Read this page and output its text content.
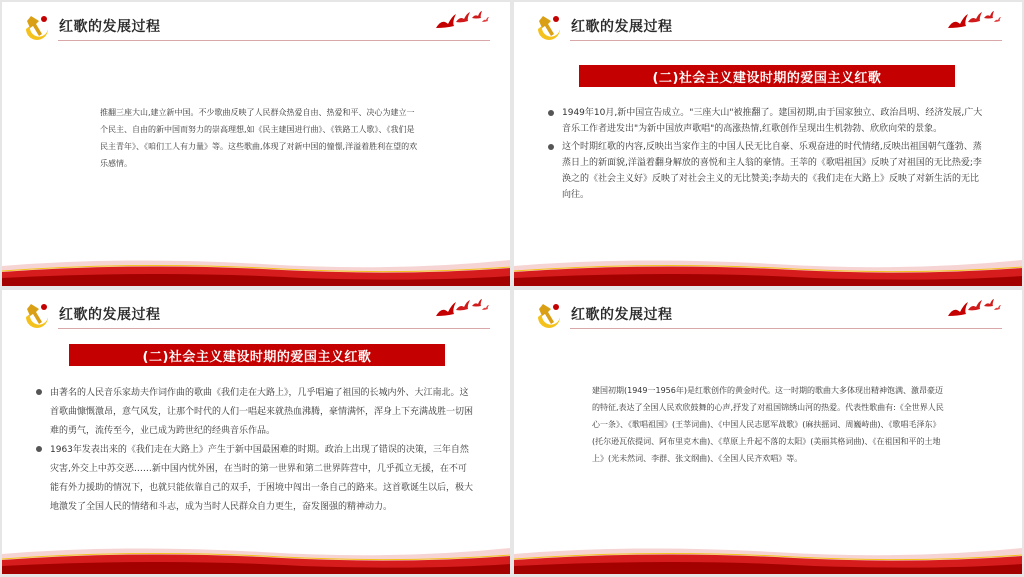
红歌的发展过程

推翻三座大山,建立新中国。不少歌曲反映了人民群众热爱自由、热爱和平、决心为建立一个民主、自由的新中国而努力的崇高理想,如《民主建国进行曲》、《铁路工人歌》、《我们是民主青年》、《咱们工人有力量》等。这些歌曲,体现了对新中国的憧憬,洋溢着胜利在望的欢乐感情。

红歌的发展过程
(二)社会主义建设时期的爱国主义红歌
1949年10月,新中国宣告成立。"三座大山"被推翻了。建国初期,由于国家独立、政治昌明、经济发展,广大音乐工作者进发出"为新中国放声歌唱"的高涨热情,红歌创作呈现出生机勃勃、欣欣向荣的景象。
这个时期红歌的内容,反映出当家作主的中国人民无比自豪、乐观奋进的时代情绪,反映出祖国朝气蓬勃、蒸蒸日上的新面貌,洋溢着翻身解放的喜悦和主人翁的豪情。王莘的《歌唱祖国》反映了对祖国的无比热爱;李涣之的《社会主义好》反映了对社会主义的无比赞美;李劫夫的《我们走在大路上》反映了对新生活的无比向往。
红歌的发展过程
(二)社会主义建设时期的爱国主义红歌
由著名的人民音乐家劫夫作词作曲的歌曲《我们走在大路上》，几乎唱遍了祖国的长城内外、大江南北。这首歌曲慷慨激昂，意气风发，让那个时代的人们一唱起来就热血沸腾，豪情满怀，浑身上下充满战胜一切困难的勇气，流传至今，业已成为跨世纪的经典音乐作品。
1963年发表出来的《我们走在大路上》产生于新中国最困难的时期。政治上出现了错误的决策，三年自然灾害,外交上中苏交恶……新中国内忧外困，在当时的第一世界和第二世界阵营中，几乎孤立无援，在不可能有外力援助的情况下，也就只能依靠自己的双手，于困境中闯出一条自己的路来。这首歌诞生以后，极大地激发了全国人民的情绪和斗志，成为当时人民群众自力更生，奋发图强的精神动力。
红歌的发展过程

建国初期(1949一1956年)是红歌创作的黄金时代。这一时期的歌曲大多体现出精神饱满、激昂豪迈的特征,表达了全国人民欢欣鼓舞的心声,抒发了对祖国锦绣山河的热爱。代表性歌曲有:《全世界人民心一条》、《歌唱祖国》(王莘词曲)、《中国人民志愿军战歌》(麻扶摇词、周巍峙曲)、《歌唱毛泽东》(托尔逊瓦依提词、阿布里克木曲)、《草原上升起不落的太阳》(美丽其格词曲)、《在祖国和平的土地上》(光未然词、李群、张文纲曲)、《全国人民齐欢唱》等。
